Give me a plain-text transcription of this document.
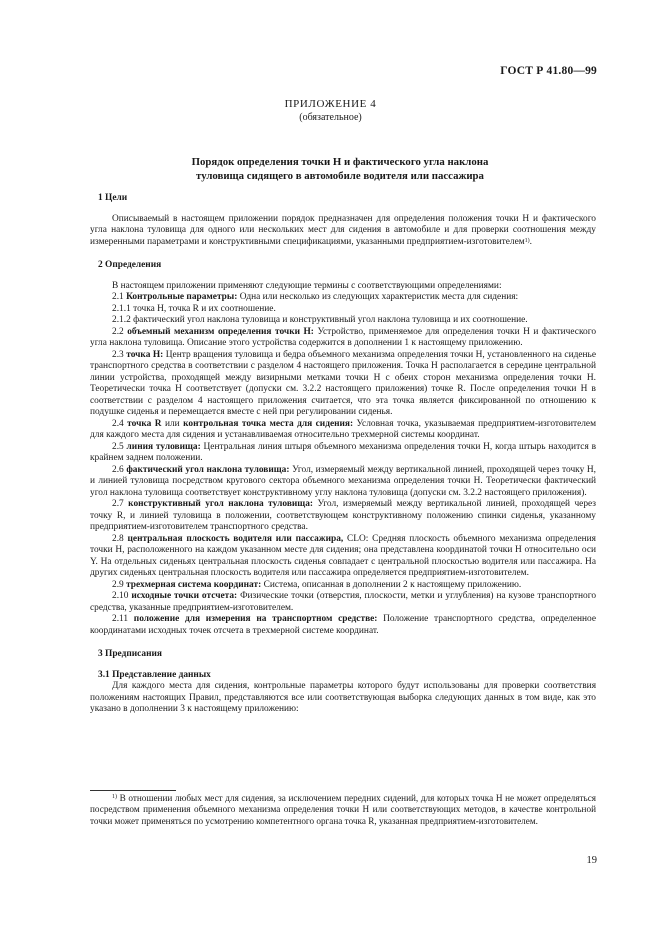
ГОСТ Р 41.80—99
ПРИЛОЖЕНИЕ 4
(обязательное)
Порядок определения точки Н и фактического угла наклона
туловища сидящего в автомобиле водителя или пассажира
1 Цели

Описываемый в настоящем приложении порядок предназначен для определения положения точки Н и фактического угла наклона туловища для одного или нескольких мест для сидения в автомобиле и для проверки соотношения между измеренными параметрами и конструктивными спецификациями, указанными предприятием-изготовителем$^{1)}$.

2 Определения

В настоящем приложении применяют следующие термины с соответствующими определениями:

2.1 Контрольные параметры: Одна или несколько из следующих характеристик места для сидения:

2.1.1 точка Н, точка R и их соотношение.

2.1.2 фактический угол наклона туловища и конструктивный угол наклона туловища и их соотношение.

2.2 объемный механизм определения точки Н: Устройство, применяемое для определения точки Н и фактического угла наклона туловища. Описание этого устройства содержится в дополнении 1 к настоящему приложению.

2.3 точка Н: Центр вращения туловища и бедра объемного механизма определения точки Н, установленного на сиденье транспортного средства в соответствии с разделом 4 настоящего приложения. Точка Н располагается в середине центральной линии устройства, проходящей между визирными метками точки Н с обеих сторон механизма определения точки Н. Теоретически точка Н соответствует (допуски см. 3.2.2 настоящего приложения) точке R. После определения точки Н в соответствии с разделом 4 настоящего приложения считается, что эта точка является фиксированной по отношению к подушке сиденья и перемещается вместе с ней при регулировании сиденья.

2.4 точка R или контрольная точка места для сидения: Условная точка, указываемая предприятием-изготовителем для каждого места для сидения и устанавливаемая относительно трехмерной системы координат.

2.5 линия туловища: Центральная линия штыря объемного механизма определения точки Н, когда штырь находится в крайнем заднем положении.

2.6 фактический угол наклона туловища: Угол, измеряемый между вертикальной линией, проходящей через точку Н, и линией туловища посредством кругового сектора объемного механизма определения точки Н. Теоретически фактический угол наклона туловища соответствует конструктивному углу наклона туловища (допуски см. 3.2.2 настоящего приложения).

2.7 конструктивный угол наклона туловища: Угол, измеряемый между вертикальной линией, проходящей через точку R, и линией туловища в положении, соответствующем конструктивному положению спинки сиденья, указанному предприятием-изготовителем транспортного средства.

2.8 центральная плоскость водителя или пассажира, CLO: Средняя плоскость объемного механизма определения точки Н, расположенного на каждом указанном месте для сидения; она представлена координатой точки Н относительно оси Y. На отдельных сиденьях центральная плоскость сиденья совпадает с центральной плоскостью водителя или пассажира. На других сиденьях центральная плоскость водителя или пассажира определяется предприятием-изготовителем.

2.9 трехмерная система координат: Система, описанная в дополнении 2 к настоящему приложению.

2.10 исходные точки отсчета: Физические точки (отверстия, плоскости, метки и углубления) на кузове транспортного средства, указанные предприятием-изготовителем.

2.11 положение для измерения на транспортном средстве: Положение транспортного средства, определенное координатами исходных точек отсчета в трехмерной системе координат.

3 Предписания
3.1 Представление данных

Для каждого места для сидения, контрольные параметры которого будут использованы для проверки соответствия положениям настоящих Правил, представляются все или соответствующая выборка следующих данных в том виде, как это указано в дополнении 3 к настоящему приложению:

$^{1)}$ В отношении любых мест для сидения, за исключением передних сидений, для которых точка Н не может определяться посредством применения объемного механизма определения точки Н или соответствующих методов, в качестве контрольной точки может применяться по усмотрению компетентного органа точка R, указанная предприятием-изготовителем.
19
